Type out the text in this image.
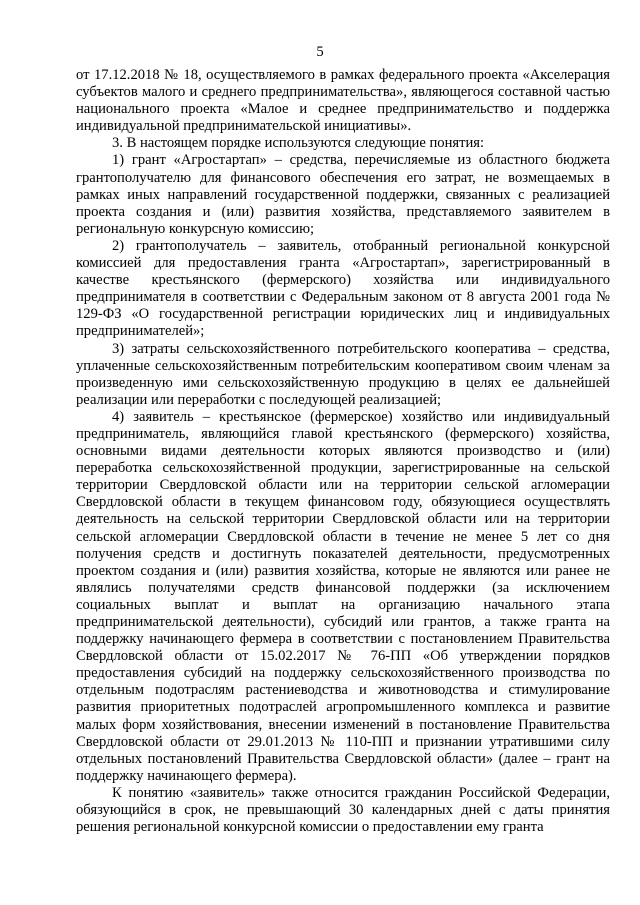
5

от 17.12.2018 № 18, осуществляемого в рамках федерального проекта «Акселерация субъектов малого и среднего предпринимательства», являющегося составной частью национального проекта «Малое и среднее предпринимательство и поддержка индивидуальной предпринимательской инициативы».

3. В настоящем порядке используются следующие понятия:

1) грант «Агростартап» – средства, перечисляемые из областного бюджета грантополучателю для финансового обеспечения его затрат, не возмещаемых в рамках иных направлений государственной поддержки, связанных с реализацией проекта создания и (или) развития хозяйства, представляемого заявителем в региональную конкурсную комиссию;

2) грантополучатель – заявитель, отобранный региональной конкурсной комиссией для предоставления гранта «Агростартап», зарегистрированный в качестве крестьянского (фермерского) хозяйства или индивидуального предпринимателя в соответствии с Федеральным законом от 8 августа 2001 года № 129-ФЗ «О государственной регистрации юридических лиц и индивидуальных предпринимателей»;

3) затраты сельскохозяйственного потребительского кооператива – средства, уплаченные сельскохозяйственным потребительским кооперативом своим членам за произведенную ими сельскохозяйственную продукцию в целях ее дальнейшей реализации или переработки с последующей реализацией;

4) заявитель – крестьянское (фермерское) хозяйство или индивидуальный предприниматель, являющийся главой крестьянского (фермерского) хозяйства, основными видами деятельности которых являются производство и (или) переработка сельскохозяйственной продукции, зарегистрированные на сельской территории Свердловской области или на территории сельской агломерации Свердловской области в текущем финансовом году, обязующиеся осуществлять деятельность на сельской территории Свердловской области или на территории сельской агломерации Свердловской области в течение не менее 5 лет со дня получения средств и достигнуть показателей деятельности, предусмотренных проектом создания и (или) развития хозяйства, которые не являются или ранее не являлись получателями средств финансовой поддержки (за исключением социальных выплат и выплат на организацию начального этапа предпринимательской деятельности), субсидий или грантов, а также гранта на поддержку начинающего фермера в соответствии с постановлением Правительства Свердловской области от 15.02.2017 № 76-ПП «Об утверждении порядков предоставления субсидий на поддержку сельскохозяйственного производства по отдельным подотраслям растениеводства и животноводства и стимулирование развития приоритетных подотраслей агропромышленного комплекса и развитие малых форм хозяйствования, внесении изменений в постановление Правительства Свердловской области от 29.01.2013 № 110-ПП и признании утратившими силу отдельных постановлений Правительства Свердловской области» (далее – грант на поддержку начинающего фермера).

К понятию «заявитель» также относится гражданин Российской Федерации, обязующийся в срок, не превышающий 30 календарных дней с даты принятия решения региональной конкурсной комиссии о предоставлении ему гранта
